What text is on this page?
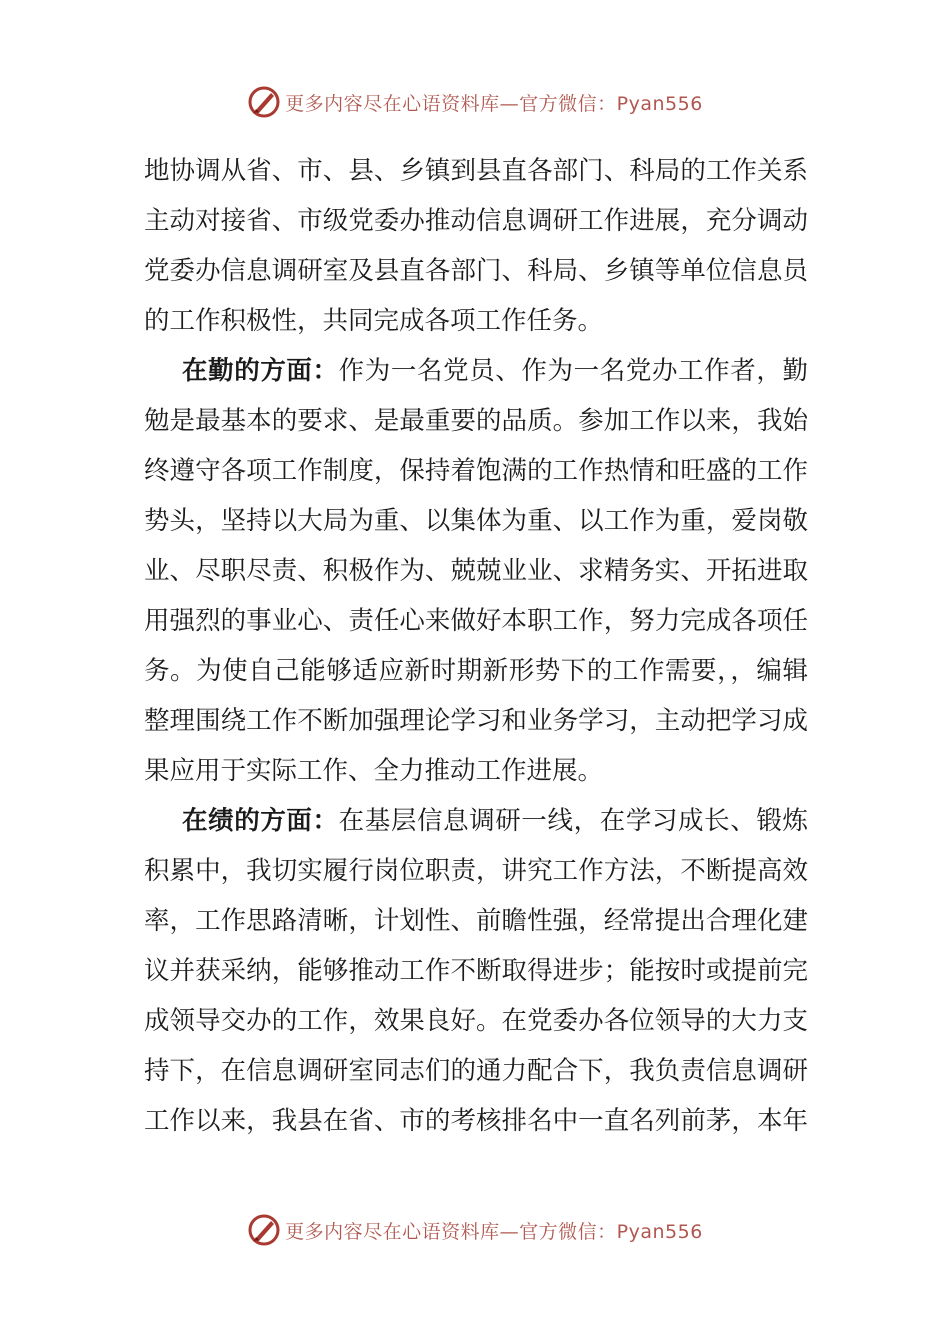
更多内容尽在心语资料库—官方微信：Pyan556
地协调从省、市、县、乡镇到县直各部门、科局的工作关系
主动对接省、市级党委办推动信息调研工作进展，充分调动
党委办信息调研室及县直各部门、科局、乡镇等单位信息员
的工作积极性，共同完成各项工作任务。
在勤的方面：作为一名党员、作为一名党办工作者，勤
勉是最基本的要求、是最重要的品质。参加工作以来，我始
终遵守各项工作制度，保持着饱满的工作热情和旺盛的工作
势头，坚持以大局为重、以集体为重、以工作为重，爱岗敬
业、尽职尽责、积极作为、兢兢业业、求精务实、开拓进取
用强烈的事业心、责任心来做好本职工作，努力完成各项任
务。为使自己能够适应新时期新形势下的工作需要，，编辑
整理围绕工作不断加强理论学习和业务学习，主动把学习成
果应用于实际工作、全力推动工作进展。
在绩的方面：在基层信息调研一线，在学习成长、锻炼
积累中，我切实履行岗位职责，讲究工作方法，不断提高效
率，工作思路清晰，计划性、前瞻性强，经常提出合理化建
议并获采纳，能够推动工作不断取得进步；能按时或提前完
成领导交办的工作，效果良好。在党委办各位领导的大力支
持下，在信息调研室同志们的通力配合下，我负责信息调研
工作以来，我县在省、市的考核排名中一直名列前茅，本年
更多内容尽在心语资料库—官方微信：Pyan556
